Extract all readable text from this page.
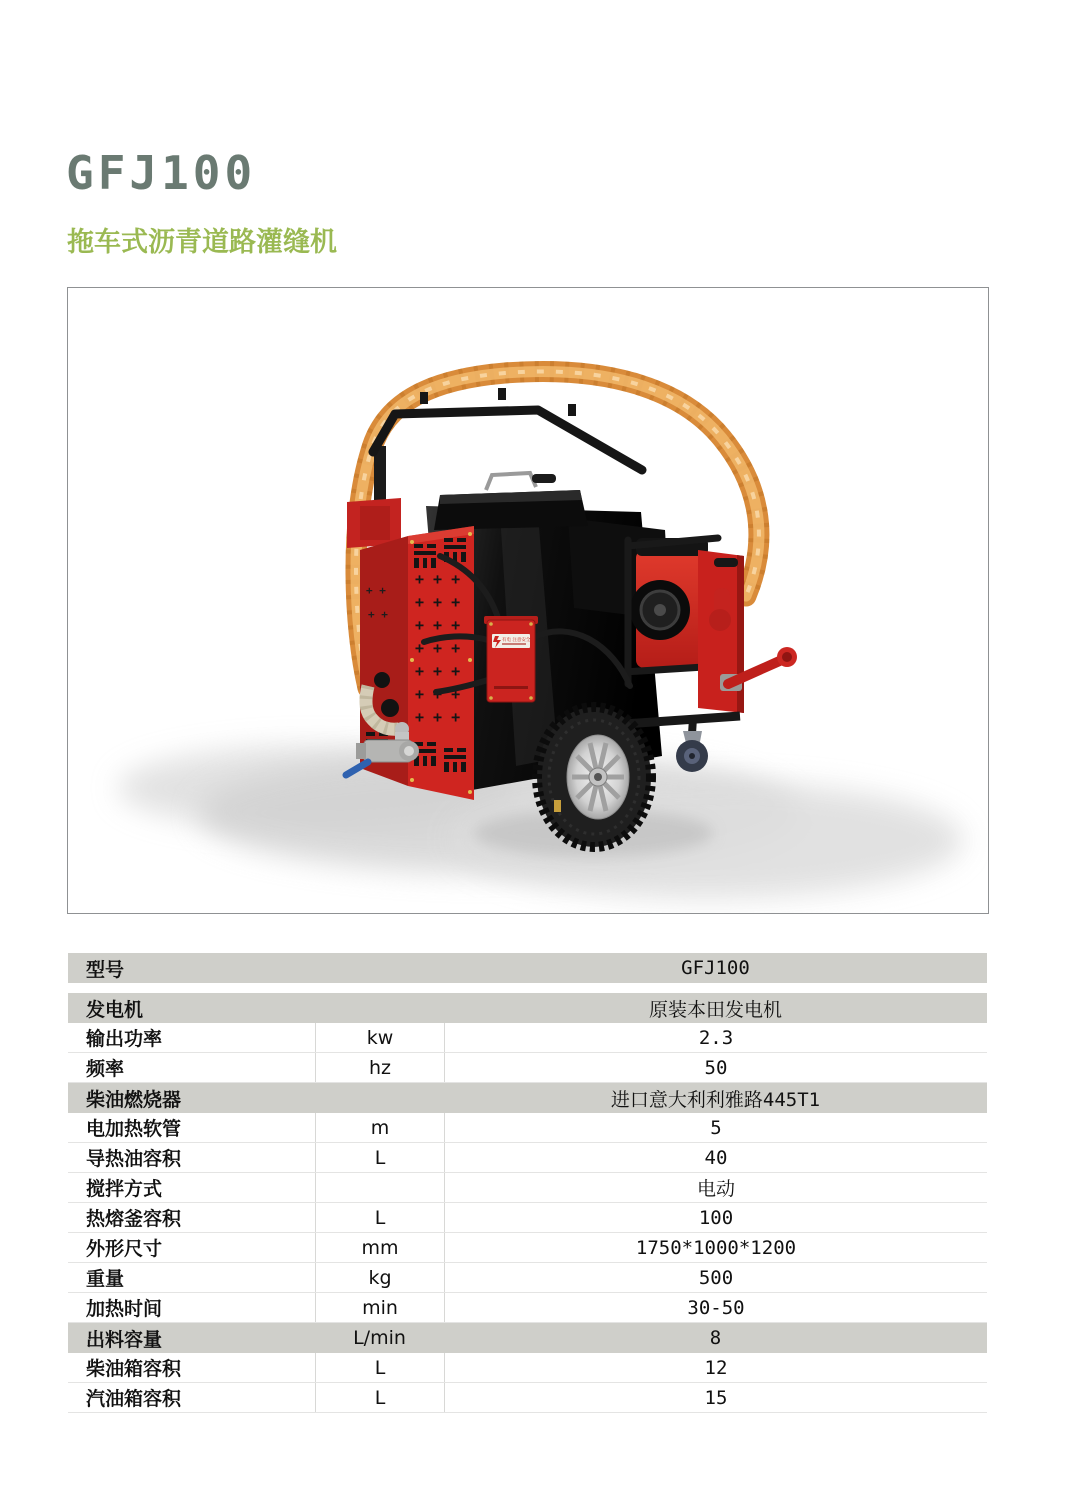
GFJ100
拖车式沥青道路灌缝机
+ + +
+ + +
+ + +
+ + +
+ + +
+ + +
+ + +
+ +
+ +
有电 注意安全
型号	GFJ100
发电机	原装本田发电机
输出功率	kw	2.3
频率	hz	50
柴油燃烧器	进口意大利利雅路445T1
电加热软管	m	5
导热油容积	L	40
搅拌方式	电动
热熔釜容积	L	100
外形尺寸	mm	1750*1000*1200
重量	kg	500
加热时间	min	30-50
出料容量	L/min	8
柴油箱容积	L	12
汽油箱容积	L	15
